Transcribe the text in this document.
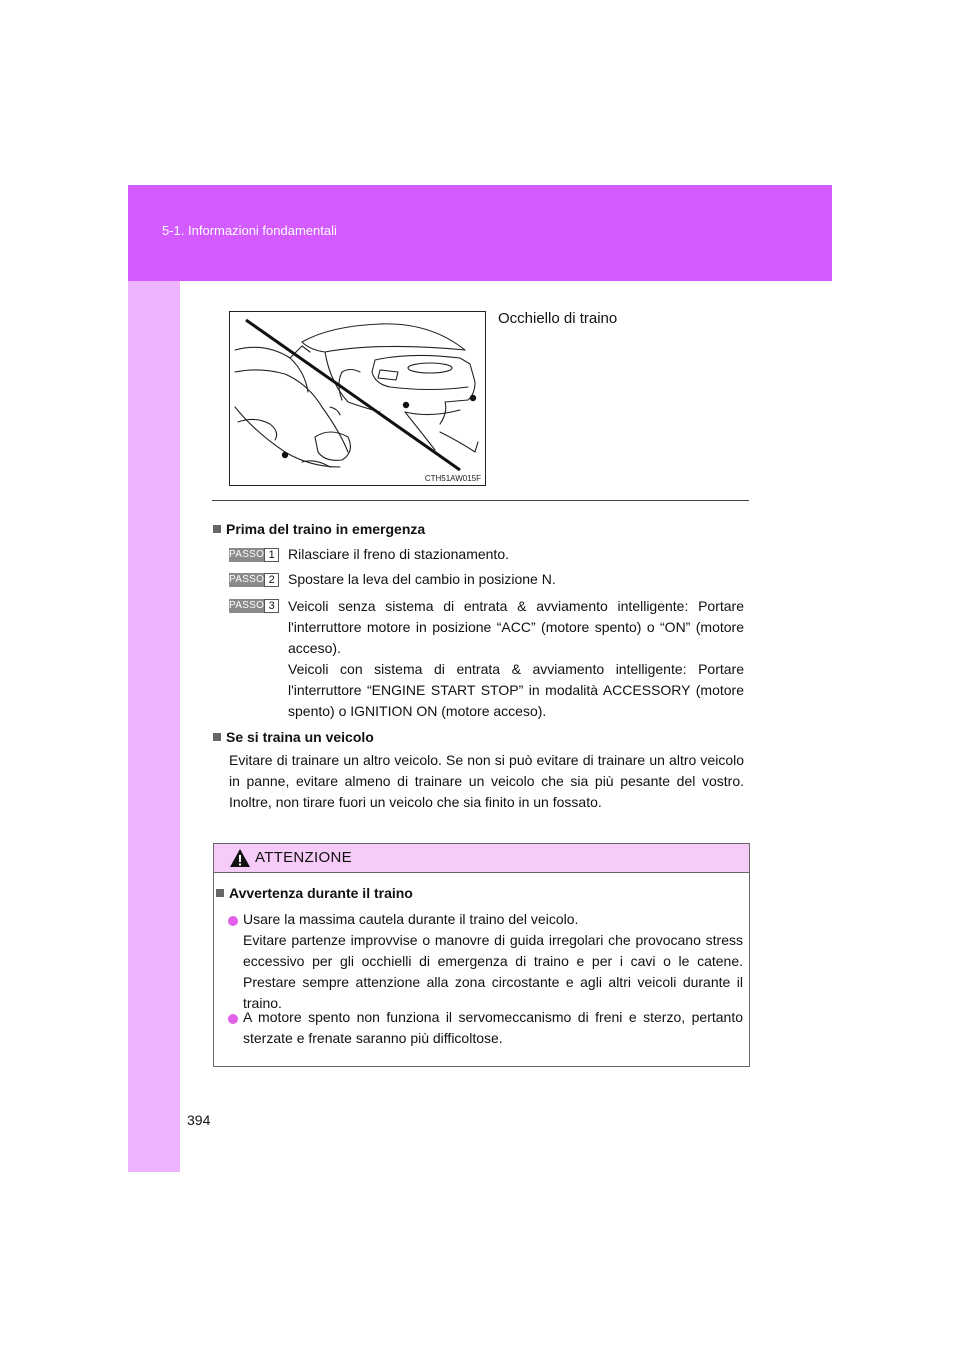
5-1. Informazioni fondamentali
394
CTH51AW015F
Occhiello di traino
Prima del traino in emergenza
PASSO 1 Rilasciare il freno di stazionamento.
PASSO 2 Spostare la leva del cambio in posizione N.
PASSO 3 Veicoli senza sistema di entrata & avviamento intelligente: Portare l'interruttore motore in posizione “ACC” (motore spento) o “ON” (motore acceso).
Veicoli con sistema di entrata & avviamento intelligente: Portare l'interruttore “ENGINE START STOP” in modalità ACCESSORY (motore spento) o IGNITION ON (motore acceso).
Se si traina un veicolo
Evitare di trainare un altro veicolo. Se non si può evitare di trainare un altro veicolo in panne, evitare almeno di trainare un veicolo che sia più pesante del vostro. Inoltre, non tirare fuori un veicolo che sia finito in un fossato.
ATTENZIONE
Avvertenza durante il traino
Usare la massima cautela durante il traino del veicolo.
Evitare partenze improvvise o manovre di guida irregolari che provocano stress eccessivo per gli occhielli di emergenza di traino e per i cavi o le catene. Prestare sempre attenzione alla zona circostante e agli altri veicoli durante il traino.
A motore spento non funziona il servomeccanismo di freni e sterzo, pertanto sterzate e frenate saranno più difficoltose.
